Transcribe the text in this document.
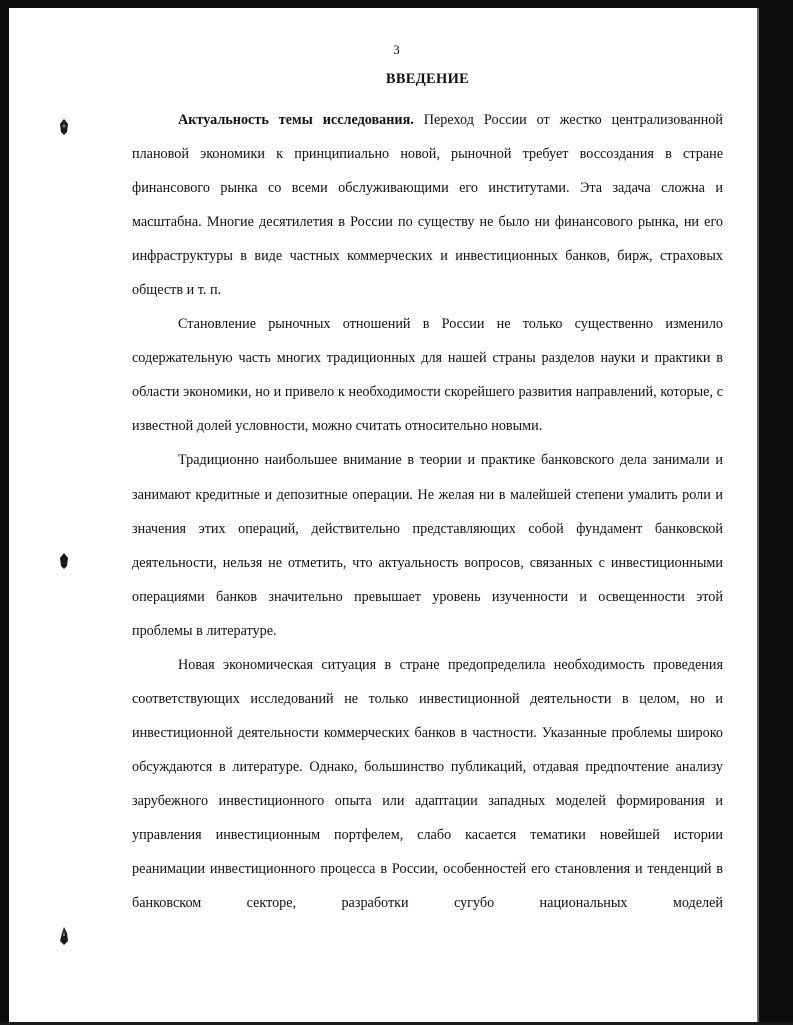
3
ВВЕДЕНИЕ

Актуальность темы исследования. Переход России от жестко централизованной плановой экономики к принципиально новой, рыночной требует воссоздания в стране финансового рынка со всеми обслуживающими его институтами. Эта задача сложна и масштабна. Многие десятилетия в России по существу не было ни финансового рынка, ни его инфраструктуры в виде частных коммерческих и инвестиционных банков, бирж, страховых обществ и т. п.

Становление рыночных отношений в России не только существенно изменило содержательную часть многих традиционных для нашей страны разделов науки и практики в области экономики, но и привело к необходимости скорейшего развития направлений, которые, с известной долей условности, можно считать относительно новыми.

Традиционно наибольшее внимание в теории и практике банковского дела занимали и занимают кредитные и депозитные операции. Не желая ни в малейшей степени умалить роли и значения этих операций, действительно представляющих собой фундамент банковской деятельности, нельзя не отметить, что актуальность вопросов, связанных с инвестиционными операциями банков значительно превышает уровень изученности и освещенности этой проблемы в литературе.

Новая экономическая ситуация в стране предопределила необходимость проведения соответствующих исследований не только инвестиционной деятельности в целом, но и инвестиционной деятельности коммерческих банков в частности. Указанные проблемы широко обсуждаются в литературе. Однако, большинство публикаций, отдавая предпочтение анализу зарубежного инвестиционного опыта или адаптации западных моделей формирования и управления инвестиционным портфелем, слабо касается тематики новейшей истории реанимации инвестиционного процесса в России, особенностей его становления и тенденций в банковском секторе, разработки сугубо национальных моделей
